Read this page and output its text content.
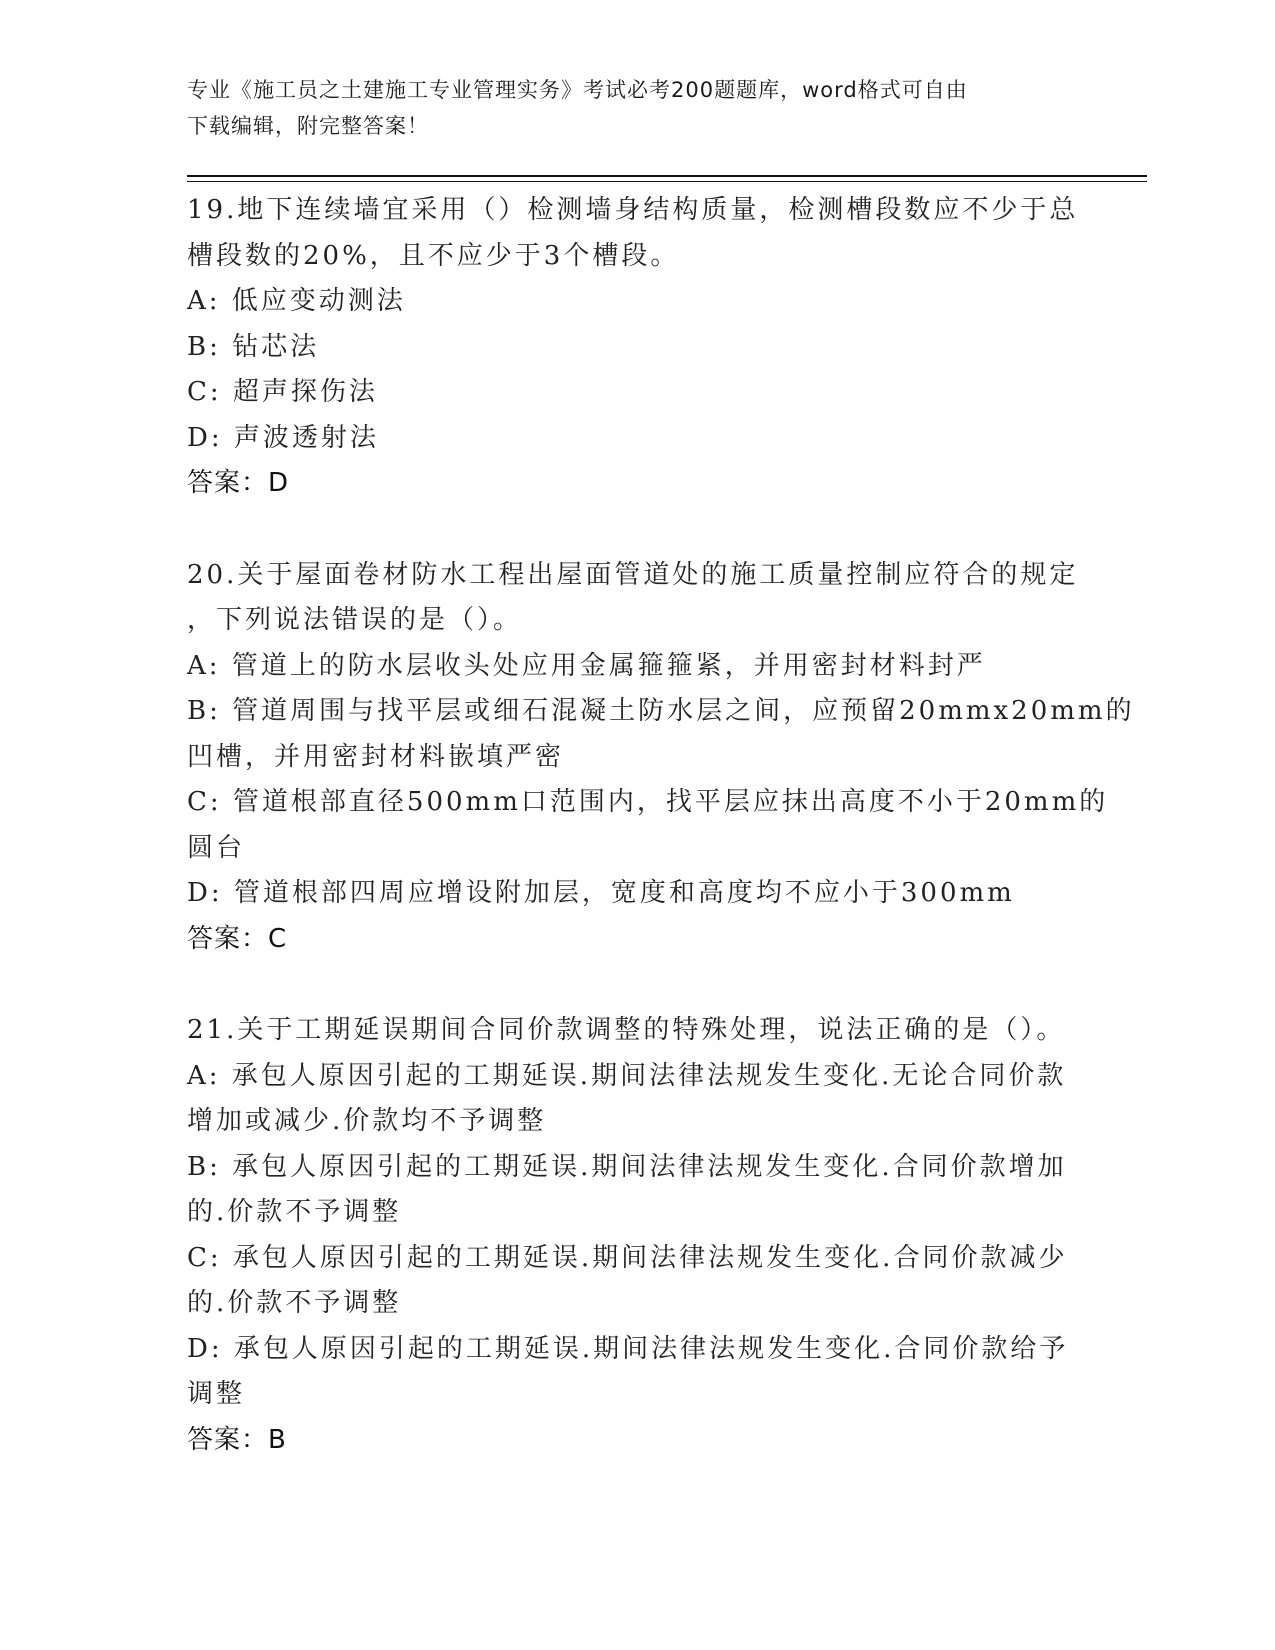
专业《施工员之土建施工专业管理实务》考试必考200题题库，word格式可自由
下载编辑，附完整答案！
19.地下连续墙宜采用（）检测墙身结构质量，检测槽段数应不少于总
槽段数的20%，且不应少于3个槽段。
A: 低应变动测法
B: 钻芯法
C: 超声探伤法
D: 声波透射法
答案：D
20.关于屋面卷材防水工程出屋面管道处的施工质量控制应符合的规定
，下列说法错误的是（）。
A: 管道上的防水层收头处应用金属箍箍紧，并用密封材料封严
B: 管道周围与找平层或细石混凝土防水层之间，应预留20mmx20mm的
凹槽，并用密封材料嵌填严密
C: 管道根部直径500mm口范围内，找平层应抹出高度不小于20mm的
圆台
D: 管道根部四周应增设附加层，宽度和高度均不应小于300mm
答案：C
21.关于工期延误期间合同价款调整的特殊处理，说法正确的是（）。
A: 承包人原因引起的工期延误.期间法律法规发生变化.无论合同价款
增加或减少.价款均不予调整
B: 承包人原因引起的工期延误.期间法律法规发生变化.合同价款增加
的.价款不予调整
C: 承包人原因引起的工期延误.期间法律法规发生变化.合同价款减少
的.价款不予调整
D: 承包人原因引起的工期延误.期间法律法规发生变化.合同价款给予
调整
答案：B
